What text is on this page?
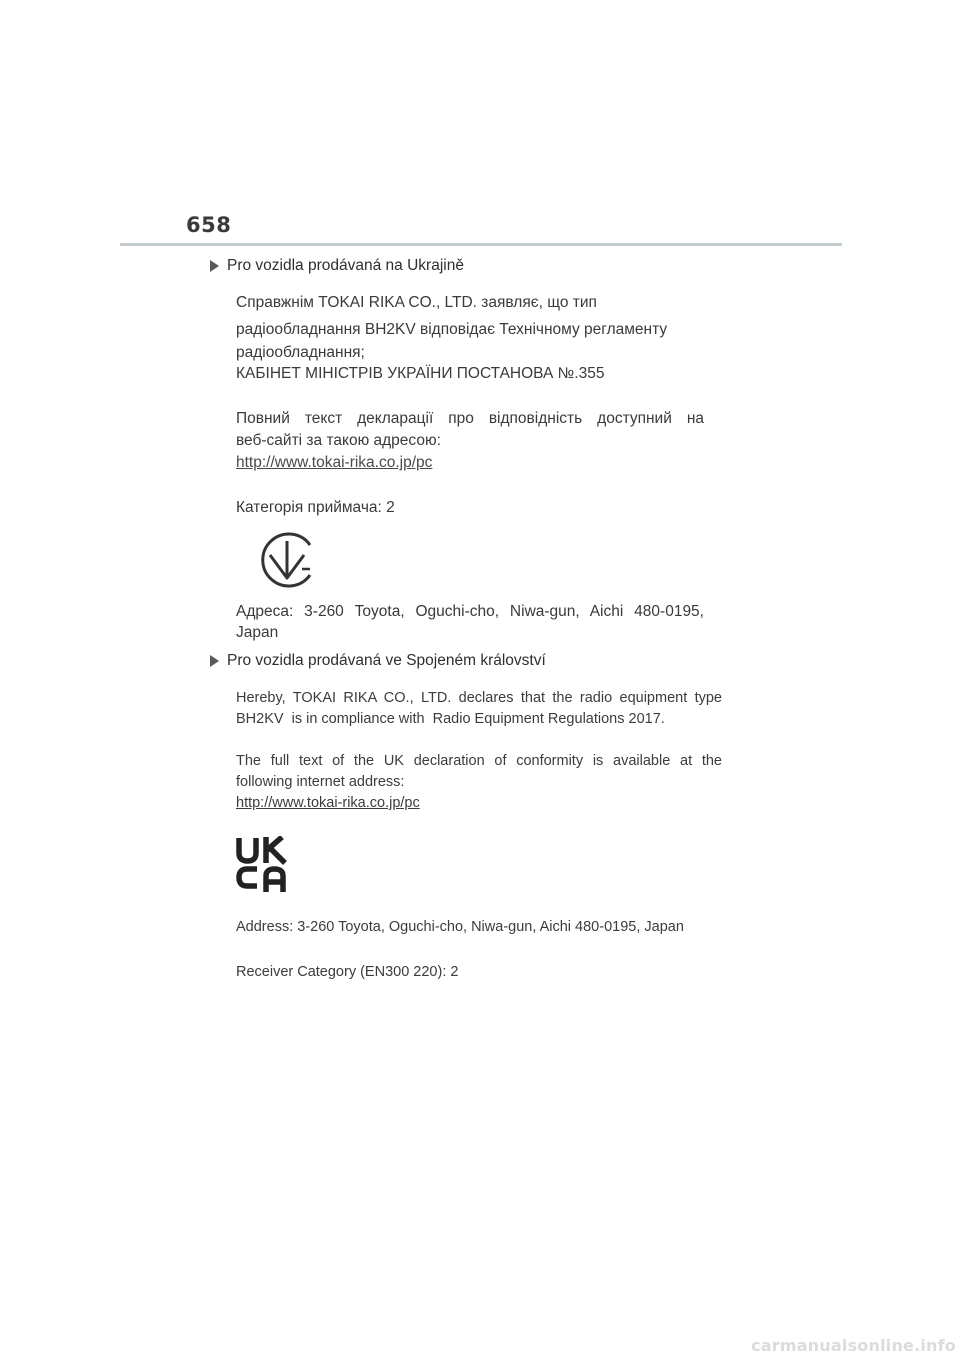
658
Pro vozidla prodávaná na Ukrajině
Справжнім TOKAI RIKA CO., LTD. заявляє, що тип
радіообладнання BH2KV відповідає Технічному регламенту
радіообладнання;
КАБІНЕТ МІНІСТРІВ УКРАЇНИ ПОСТАНОВА №.355
Повний текст декларації про відповідність доступний на
веб-сайті за такою адресою:
http://www.tokai-rika.co.jp/pc
Категорія приймача: 2
Адреса: 3-260 Toyota, Oguchi-cho, Niwa-gun, Aichi 480-0195,
Japan
Pro vozidla prodávaná ve Spojeném království
Hereby, TOKAI RIKA CO., LTD. declares that the radio equipment type
BH2KV  is in compliance with  Radio Equipment Regulations 2017.
The full text of the UK declaration of conformity is available at the
following internet address:
http://www.tokai-rika.co.jp/pc
Address: 3-260 Toyota, Oguchi-cho, Niwa-gun, Aichi 480-0195, Japan
Receiver Category (EN300 220): 2
carmanualsonline.info
